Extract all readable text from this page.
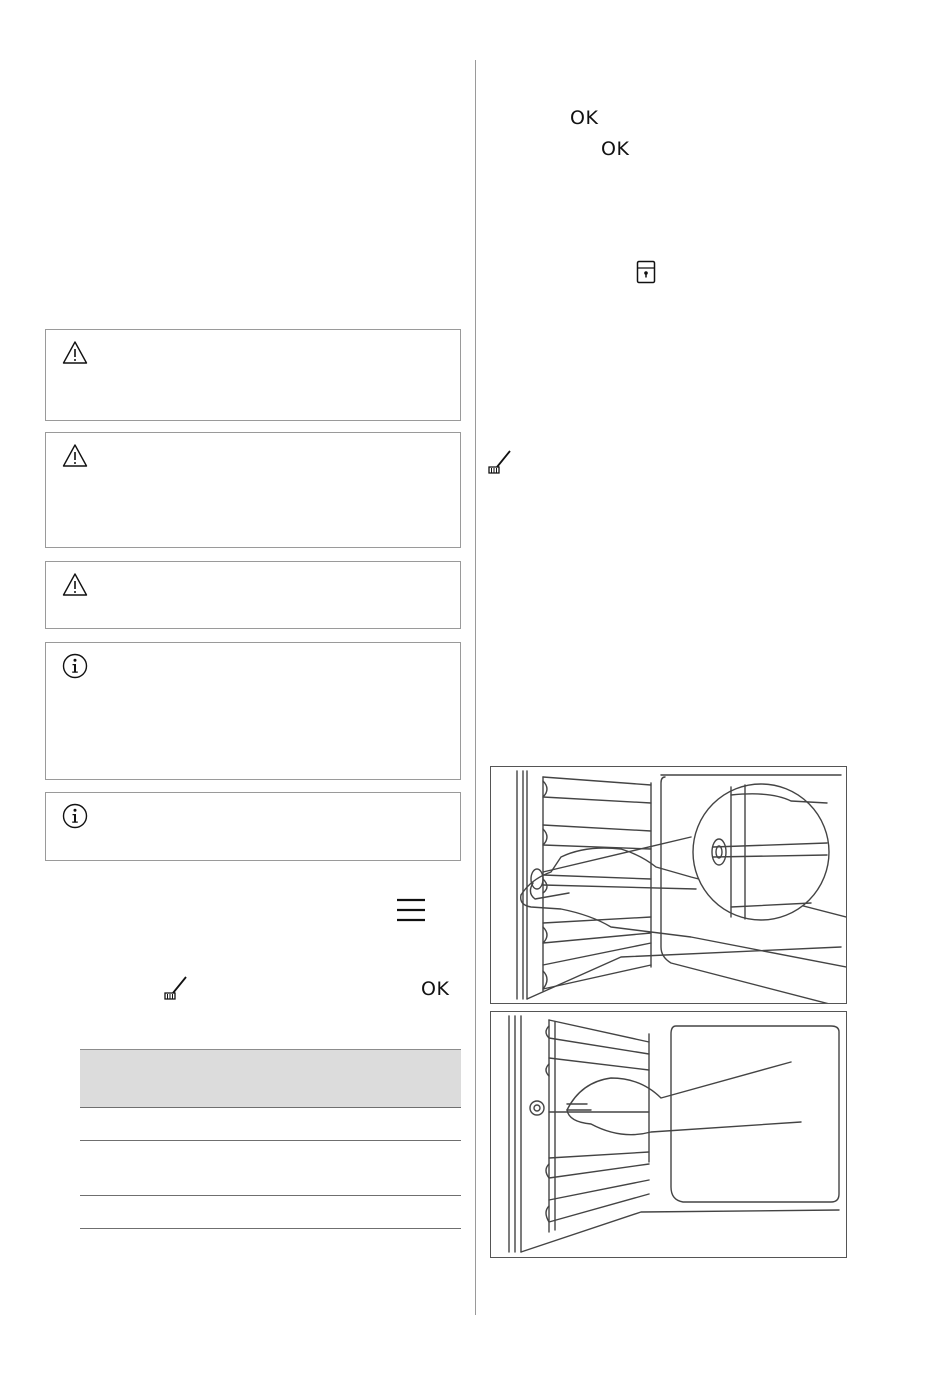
OK
OK
OK
